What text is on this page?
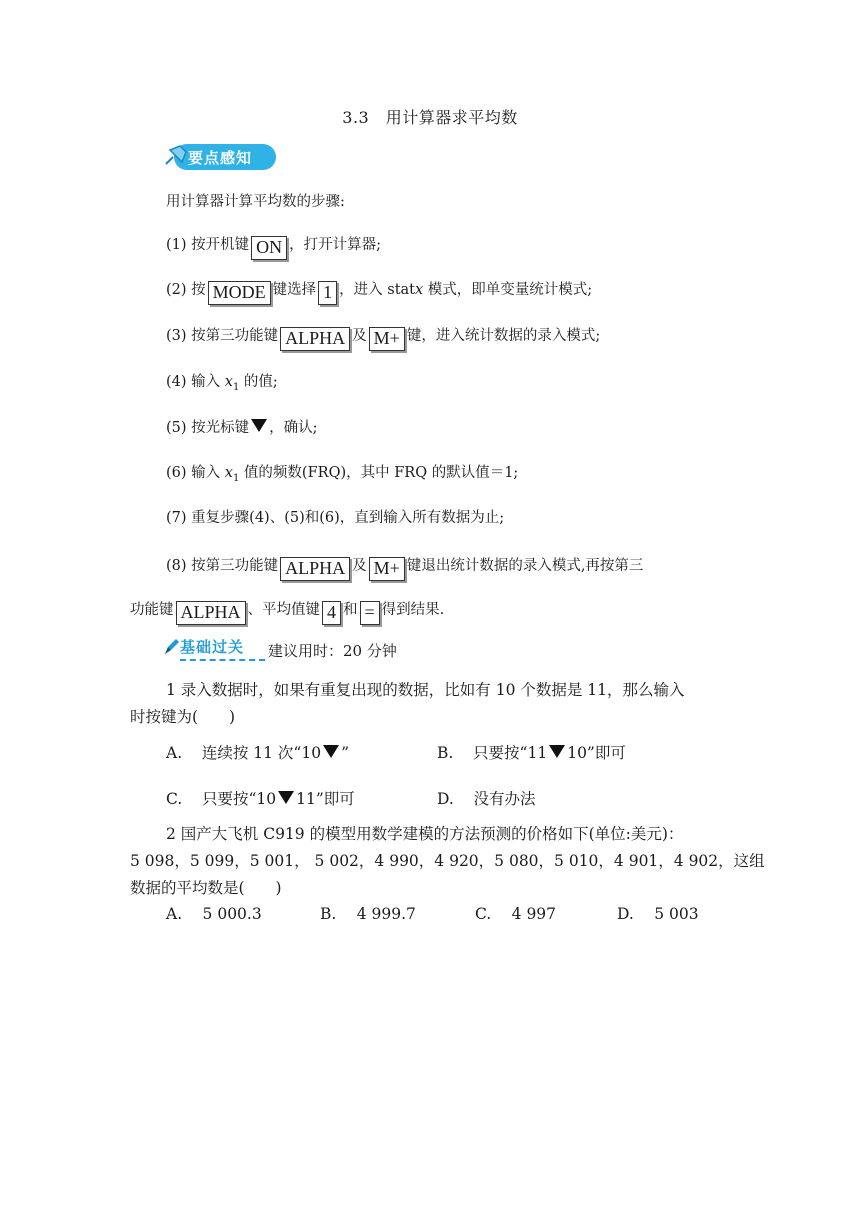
3.3　用计算器求平均数
要点感知
用计算器计算平均数的步骤:
(1) 按开机键 ON ，打开计算器;
(2) 按 MODE 键选择 1 ，进入 statx 模式，即单变量统计模式;
(3) 按第三功能键 ALPHA 及 M+ 键，进入统计数据的录入模式;
(4) 输入 $x_1$ 的值;
(5) 按光标键 ，确认;
(6) 输入 $x_1$ 值的频数(FRQ)，其中 FRQ 的默认值＝1;
(7) 重复步骤(4)、(5)和(6)，直到输入所有数据为止;
(8) 按第三功能键 ALPHA 及 M+ 键退出统计数据的录入模式,再按第三
功能键 ALPHA 、平均值键 4 和 = 得到结果.
基础过关	建议用时：20 分钟
1 录入数据时，如果有重复出现的数据，比如有 10 个数据是 11，那么输入
时按键为(　　)
A. 连续按 11 次“10 ”	B. 只要按“11 10”即可
C. 只要按“10 11”即可	D. 没有办法
2 国产大飞机 C919 的模型用数学建模的方法预测的价格如下(单位:美元)：
5 098，5 099，5 001， 5 002，4 990，4 920，5 080，5 010，4 901，4 902，这组
数据的平均数是(　　)
A.　 5 000.3	B.　 4 999.7	C.　 4 997	D.　 5 003
